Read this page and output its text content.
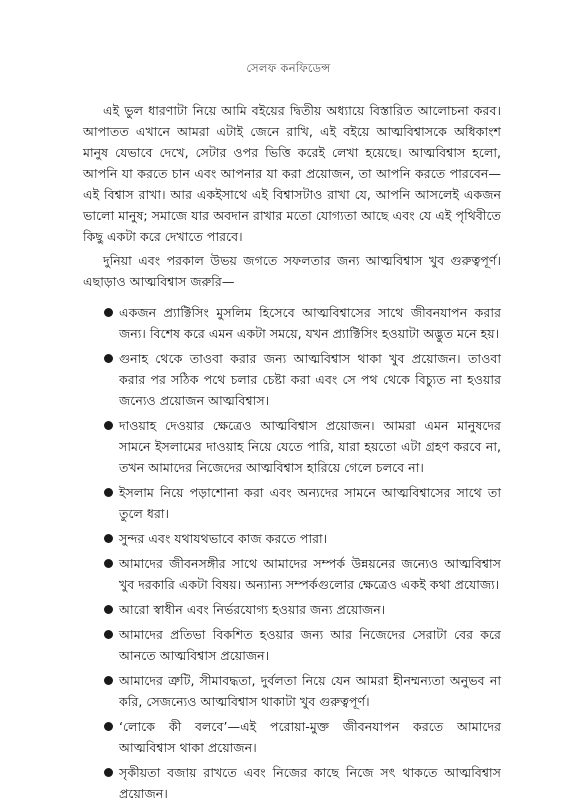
সেলফ কনফিডেন্স

এই ভুল ধারণাটা নিয়ে আমি বইয়ের দ্বিতীয় অধ্যায়ে বিস্তারিত আলোচনা করব। আপাতত এখানে আমরা এটাই জেনে রাখি, এই বইয়ে আত্মবিশ্বাসকে অধিকাংশ মানুষ যেভাবে দেখে, সেটার ওপর ভিত্তি করেই লেখা হয়েছে। আত্মবিশ্বাস হলো, আপনি যা করতে চান এবং আপনার যা করা প্রয়োজন, তা আপনি করতে পারবেন—এই বিশ্বাস রাখা। আর একইসাথে এই বিশ্বাসটাও রাখা যে, আপনি আসলেই একজন ভালো মানুষ; সমাজে যার অবদান রাখার মতো যোগ্যতা আছে এবং যে এই পৃথিবীতে কিছু একটা করে দেখাতে পারবে।

দুনিয়া এবং পরকাল উভয় জগতে সফলতার জন্য আত্মবিশ্বাস খুব গুরুত্বপূর্ণ। এছাড়াও আত্মবিশ্বাস জরুরি—

একজন প্র্যাক্টিসিং মুসলিম হিসেবে আত্মবিশ্বাসের সাথে জীবনযাপন করার জন্য। বিশেষ করে এমন একটা সময়ে, যখন প্র্যাক্টিসিং হওয়াটা অদ্ভুত মনে হয়।
গুনাহ থেকে তাওবা করার জন্য আত্মবিশ্বাস থাকা খুব প্রয়োজন। তাওবা করার পর সঠিক পথে চলার চেষ্টা করা এবং সে পথ থেকে বিচ্যুত না হওয়ার জন্যেও প্রয়োজন আত্মবিশ্বাস।
দাওয়াহ দেওয়ার ক্ষেত্রেও আত্মবিশ্বাস প্রয়োজন। আমরা এমন মানুষদের সামনে ইসলামের দাওয়াহ নিয়ে যেতে পারি, যারা হয়তো এটা গ্রহণ করবে না, তখন আমাদের নিজেদের আত্মবিশ্বাস হারিয়ে গেলে চলবে না।
ইসলাম নিয়ে পড়াশোনা করা এবং অন্যদের সামনে আত্মবিশ্বাসের সাথে তা তুলে ধরা।
সুন্দর এবং যথাযথভাবে কাজ করতে পারা।
আমাদের জীবনসঙ্গীর সাথে আমাদের সম্পর্ক উন্নয়নের জন্যেও আত্মবিশ্বাস খুব দরকারি একটা বিষয়। অন্যান্য সম্পর্কগুলোর ক্ষেত্রেও একই কথা প্রযোজ্য।
আরো স্বাধীন এবং নির্ভরযোগ্য হওয়ার জন্য প্রয়োজন।
আমাদের প্রতিভা বিকশিত হওয়ার জন্য আর নিজেদের সেরাটা বের করে আনতে আত্মবিশ্বাস প্রয়োজন।
আমাদের ত্রুটি, সীমাবদ্ধতা, দুর্বলতা নিয়ে যেন আমরা হীনম্মন্যতা অনুভব না করি, সেজন্যেও আত্মবিশ্বাস থাকাটা খুব গুরুত্বপূর্ণ।
‘লোকে কী বলবে’—এই পরোয়া-মুক্ত জীবনযাপন করতে আমাদের আত্মবিশ্বাস থাকা প্রয়োজন।
সৃকীয়তা বজায় রাখতে এবং নিজের কাছে নিজে সৎ থাকতে আত্মবিশ্বাস প্রয়োজন।
